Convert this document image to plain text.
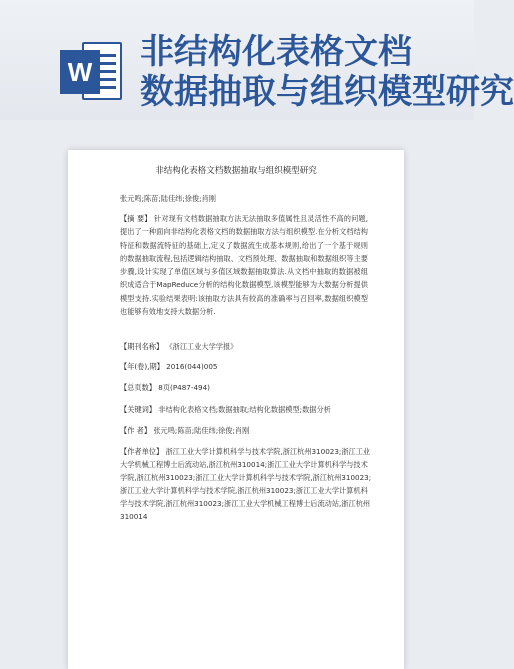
W 非结构化表格文档
数据抽取与组织模型研究
非结构化表格文档数据抽取与组织模型研究
张元鸣;陈苗;陆佳纬;徐俊;肖刚
【摘 要】 针对现有文档数据抽取方法无法抽取多值属性且灵活性不高的问题,提出了一种面向非结构化表格文档的数据抽取方法与组织模型.在分析文档结构特征和数据流特征的基础上,定义了数据流生成基本规则,给出了一个基于规则的数据抽取流程,包括逻辑结构抽取、文档预处理、数据抽取和数据组织等主要步骤,设计实现了单值区域与多值区域数据抽取算法.从文档中抽取的数据被组织成适合于MapReduce分析的结构化数据模型,该模型能够为大数据分析提供模型支持.实验结果表明:该抽取方法具有较高的准确率与召回率,数据组织模型也能够有效地支持大数据分析.
【期刊名称】 《浙江工业大学学报》
【年(卷),期】 2016(044)005
【总页数】 8页(P487-494)
【关键词】 非结构化表格文档;数据抽取;结构化数据模型;数据分析
【作 者】 张元鸣;陈苗;陆佳纬;徐俊;肖刚
【作者单位】 浙江工业大学计算机科学与技术学院,浙江杭州310023;浙江工业大学机械工程博士后流动站,浙江杭州310014;浙江工业大学计算机科学与技术学院,浙江杭州310023;浙江工业大学计算机科学与技术学院,浙江杭州310023;浙江工业大学计算机科学与技术学院,浙江杭州310023;浙江工业大学计算机科学与技术学院,浙江杭州310023;浙江工业大学机械工程博士后流动站,浙江杭州 310014
